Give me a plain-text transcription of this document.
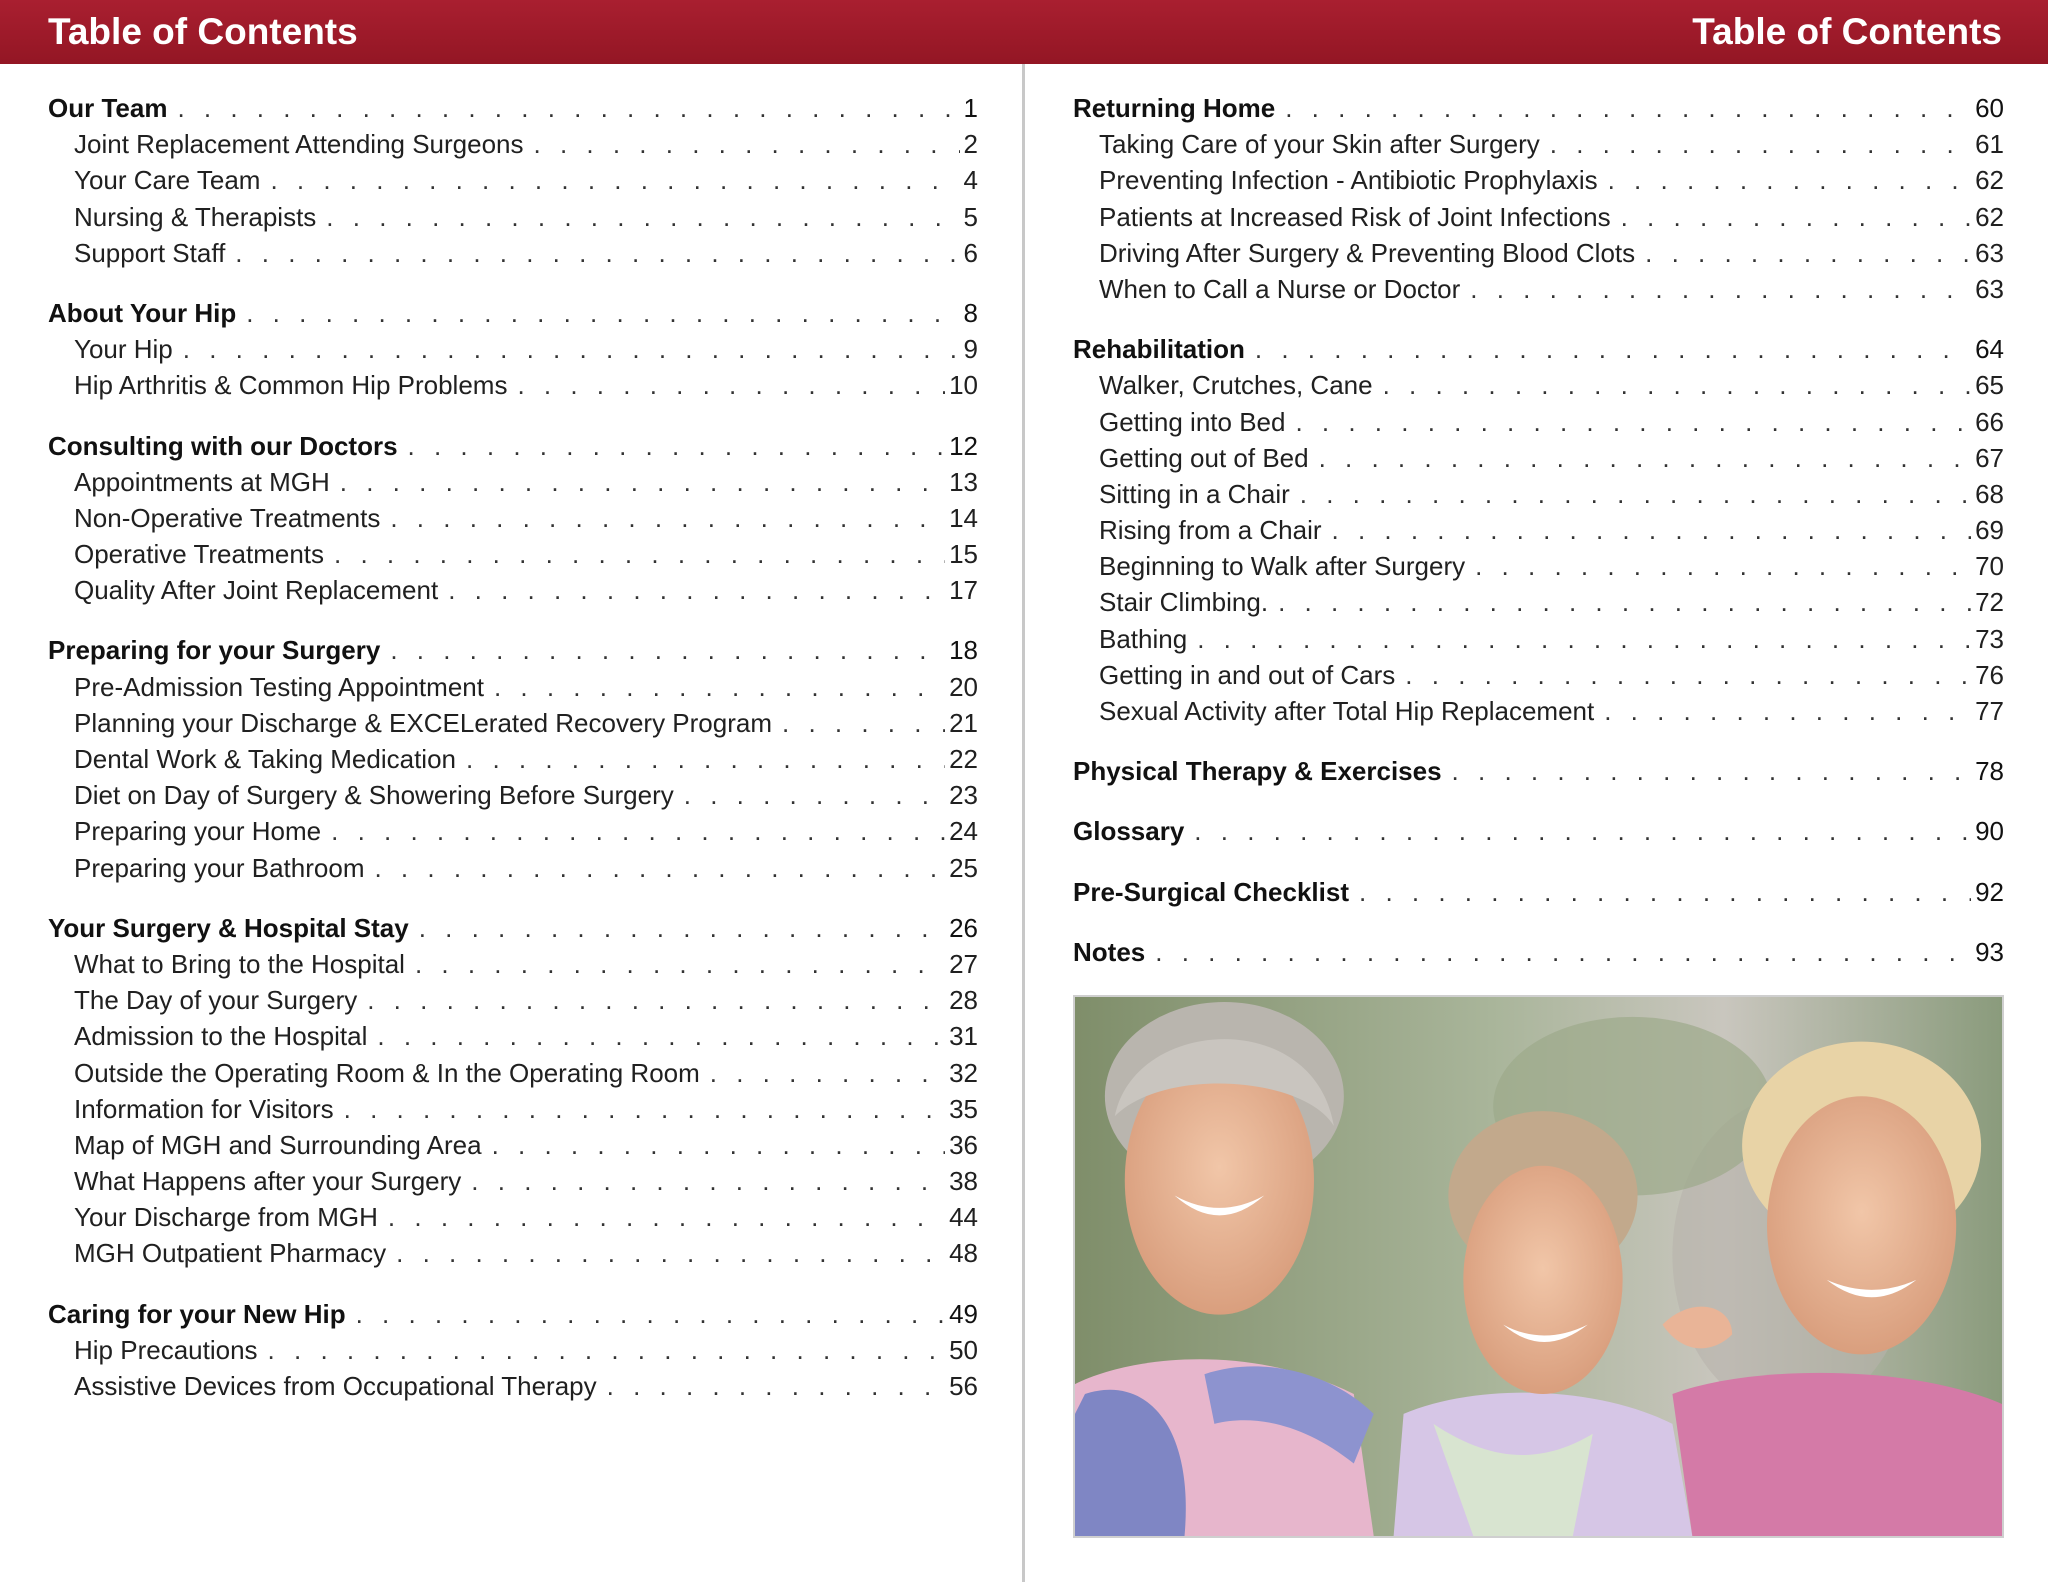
Table of Contents	Table of Contents
Our Team . . .	1
Joint Replacement Attending Surgeons . . .	2
Your Care Team . . .	4
Nursing & Therapists . . .	5
Support Staff . . .	6
About Your Hip . . .	8
Your Hip . . .	9
Hip Arthritis & Common Hip Problems . . .	10
Consulting with our Doctors . . .	12
Appointments at MGH . . .	13
Non-Operative Treatments . . .	14
Operative Treatments . . .	15
Quality After Joint Replacement . . .	17
Preparing for your Surgery . . .	18
Pre-Admission Testing Appointment . . .	20
Planning your Discharge & EXCELerated Recovery Program . . .	21
Dental Work & Taking Medication . . .	22
Diet on Day of Surgery & Showering Before Surgery . . .	23
Preparing your Home . . .	24
Preparing your Bathroom . . .	25
Your Surgery & Hospital Stay . . .	26
What to Bring to the Hospital . . .	27
The Day of your Surgery . . .	28
Admission to the Hospital . . .	31
Outside the Operating Room & In the Operating Room . . .	32
Information for Visitors . . .	35
Map of MGH and Surrounding Area . . .	36
What Happens after your Surgery . . .	38
Your Discharge from MGH . . .	44
MGH Outpatient Pharmacy . . .	48
Caring for your New Hip . . .	49
Hip Precautions . . .	50
Assistive Devices from Occupational Therapy . . .	56
Returning Home . . .	60
Taking Care of your Skin after Surgery . . .	61
Preventing Infection - Antibiotic Prophylaxis . . .	62
Patients at Increased Risk of Joint Infections . . .	62
Driving After Surgery & Preventing Blood Clots . . .	63
When to Call a Nurse or Doctor . . .	63
Rehabilitation . . .	64
Walker, Crutches, Cane . . .	65
Getting into Bed . . .	66
Getting out of Bed . . .	67
Sitting in a Chair . . .	68
Rising from a Chair . . .	69
Beginning to Walk after Surgery . . .	70
Stair Climbing. . . .	72
Bathing . . .	73
Getting in and out of Cars . . .	76
Sexual Activity after Total Hip Replacement . . .	77
Physical Therapy & Exercises . . .	78
Glossary . . .	90
Pre-Surgical Checklist . . .	92
Notes . . .	93
